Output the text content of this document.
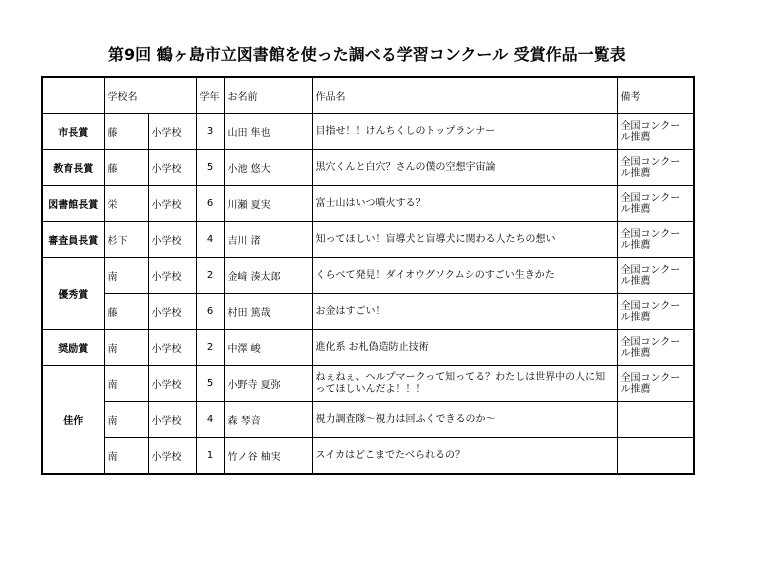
第9回 鶴ヶ島市立図書館を使った調べる学習コンクール 受賞作品一覧表
	学校名		学年	お名前	作品名	備考
市長賞	藤	小学校	3	山田 隼也	目指せ！！けんちくしのトップランナー	全国コンクール推薦
教育長賞	藤	小学校	5	小池 悠大	黒穴くんと白穴？さんの僕の空想宇宙論	全国コンクール推薦
図書館長賞	栄	小学校	6	川瀬 夏実	富士山はいつ噴火する？	全国コンクール推薦
審査員長賞	杉下	小学校	4	吉川 渚	知ってほしい！盲導犬と盲導犬に関わる人たちの想い	全国コンクール推薦
優秀賞	南	小学校	2	金﨑 湊太郎	くらべて発見！ダイオウグソクムシのすごい生きかた	全国コンクール推薦
	藤	小学校	6	村田 篤哉	お金はすごい！	全国コンクール推薦
奨励賞	南	小学校	2	中澤 峻	進化系 お札偽造防止技術	全国コンクール推薦
佳作	南	小学校	5	小野寺 夏弥	ねぇねぇ、ヘルプマークって知ってる？わたしは世界中の人に知ってほしいんだよ！！！	全国コンクール推薦
	南	小学校	4	森 琴音	視力調査隊～視力は回ふくできるのか～	
	南	小学校	1	竹ノ谷 柚実	スイカはどこまでたべられるの？	
